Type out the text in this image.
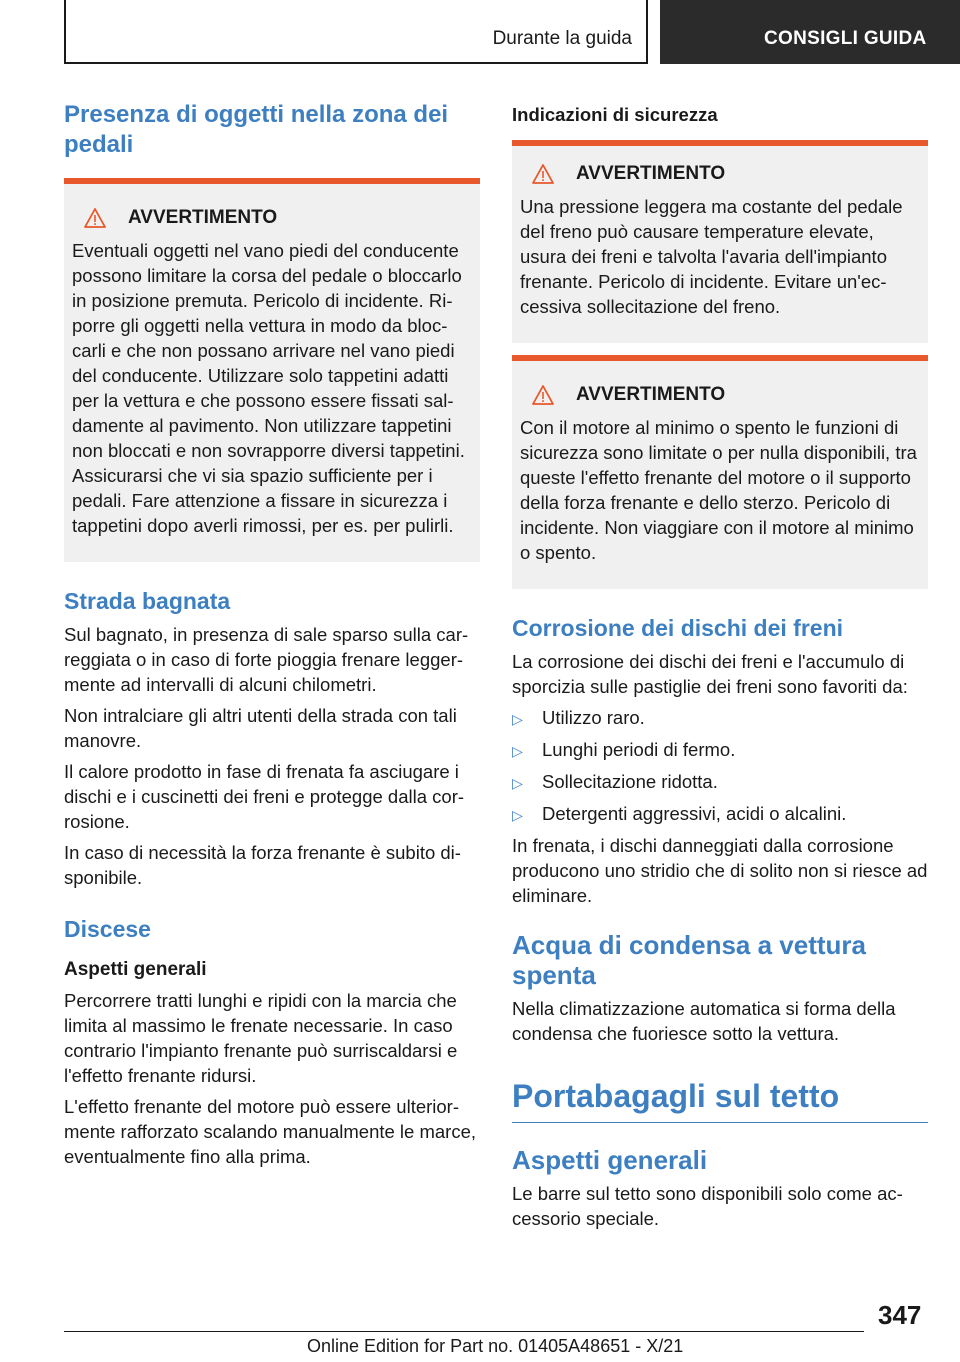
Durante la guida	CONSIGLI GUIDA
Presenza di oggetti nella zona dei pedali
AVVERTIMENTO

Eventuali oggetti nel vano piedi del conducente possono limitare la corsa del pedale o bloccarlo in posizione premuta. Pericolo di incidente. Riporre gli oggetti nella vettura in modo da bloccarli e che non possano arrivare nel vano piedi del conducente. Utilizzare solo tappetini adatti per la vettura e che possono essere fissati saldamente al pavimento. Non utilizzare tappetini non bloccati e non sovrapporre diversi tappetini. Assicurarsi che vi sia spazio sufficiente per i pedali. Fare attenzione a fissare in sicurezza i tappetini dopo averli rimossi, per es. per pulirli.

Strada bagnata

Sul bagnato, in presenza di sale sparso sulla carreggiata o in caso di forte pioggia frenare leggermente ad intervalli di alcuni chilometri.

Non intralciare gli altri utenti della strada con tali manovre.

Il calore prodotto in fase di frenata fa asciugare i dischi e i cuscinetti dei freni e protegge dalla corrosione.

In caso di necessità la forza frenante è subito disponibile.

Discese
Aspetti generali

Percorrere tratti lunghi e ripidi con la marcia che limita al massimo le frenate necessarie. In caso contrario l'impianto frenante può surriscaldarsi e l'effetto frenante ridursi.

L'effetto frenante del motore può essere ulteriormente rafforzato scalando manualmente le marce, eventualmente fino alla prima.

Indicazioni di sicurezza
AVVERTIMENTO

Una pressione leggera ma costante del pedale del freno può causare temperature elevate, usura dei freni e talvolta l'avaria dell'impianto frenante. Pericolo di incidente. Evitare un'eccessiva sollecitazione del freno.

AVVERTIMENTO

Con il motore al minimo o spento le funzioni di sicurezza sono limitate o per nulla disponibili, tra queste l'effetto frenante del motore o il supporto della forza frenante e dello sterzo. Pericolo di incidente. Non viaggiare con il motore al minimo o spento.

Corrosione dei dischi dei freni

La corrosione dei dischi dei freni e l'accumulo di sporcizia sulle pastiglie dei freni sono favoriti da:

▷ Utilizzo raro.
▷ Lunghi periodi di fermo.
▷ Sollecitazione ridotta.
▷ Detergenti aggressivi, acidi o alcalini.

In frenata, i dischi danneggiati dalla corrosione producono uno stridio che di solito non si riesce ad eliminare.

Acqua di condensa a vettura spenta

Nella climatizzazione automatica si forma della condensa che fuoriesce sotto la vettura.

Portabagagli sul tetto
Aspetti generali

Le barre sul tetto sono disponibili solo come accessorio speciale.

347
Online Edition for Part no. 01405A48651 - X/21
